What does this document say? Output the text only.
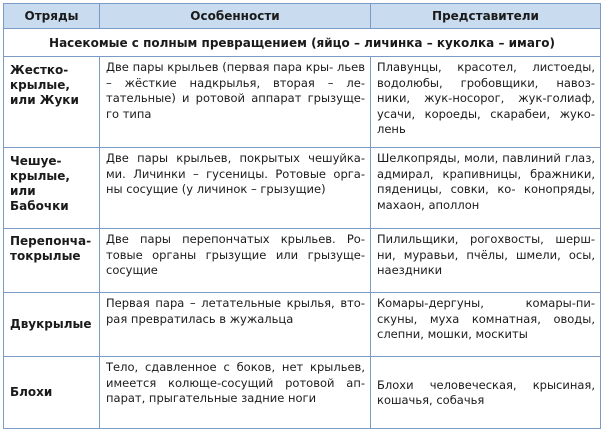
Отряды	Особенности	Представители
Насекомые с полным превращением (яйцо – личинка – куколка – имаго)		

Жестко-
крылые,
или Жуки	Две пары крыльев (первая пара кры- льев – жёсткие надкрылья, вторая – ле- тательные) и ротовой аппарат грызуще- го типа	Плавунцы, красотел, листоеды, водолюбы, гробовщики, навоз- ники, жук-носорог, жук-голиаф, усачи, короеды, скарабеи, жуко- лень

Чешуе-
крылые,
или
Бабочки	Две пары крыльев, покрытых чешуйка- ми. Личинки – гусеницы. Ротовые орга- ны сосущие (у личинок – грызущие)	Шелкопряды, моли, павлиний глаз, адмирал, крапивницы, бражники, пяденицы, совки, ко- конопряды, махаон, аполлон

Перепонча-
токрылые	Две пары перепончатых крыльев. Ро- товые органы грызущие или грызуще- сосущие	Пилильщики, рогохвосты, шерш- ни, муравьи, пчёлы, шмели, осы, наездники

Двукрылые	Первая пара – летательные крылья, вто- рая превратилась в жужальца	Комары-дергуны, комары-пи- скуны, муха комнатная, оводы, слепни, мошки, москиты

Блохи	Тело, сдавленное с боков, нет крыльев, имеется колюще-сосущий ротовой ап- парат, прыгательные задние ноги	Блохи человеческая, крысиная, кошачья, собачья
